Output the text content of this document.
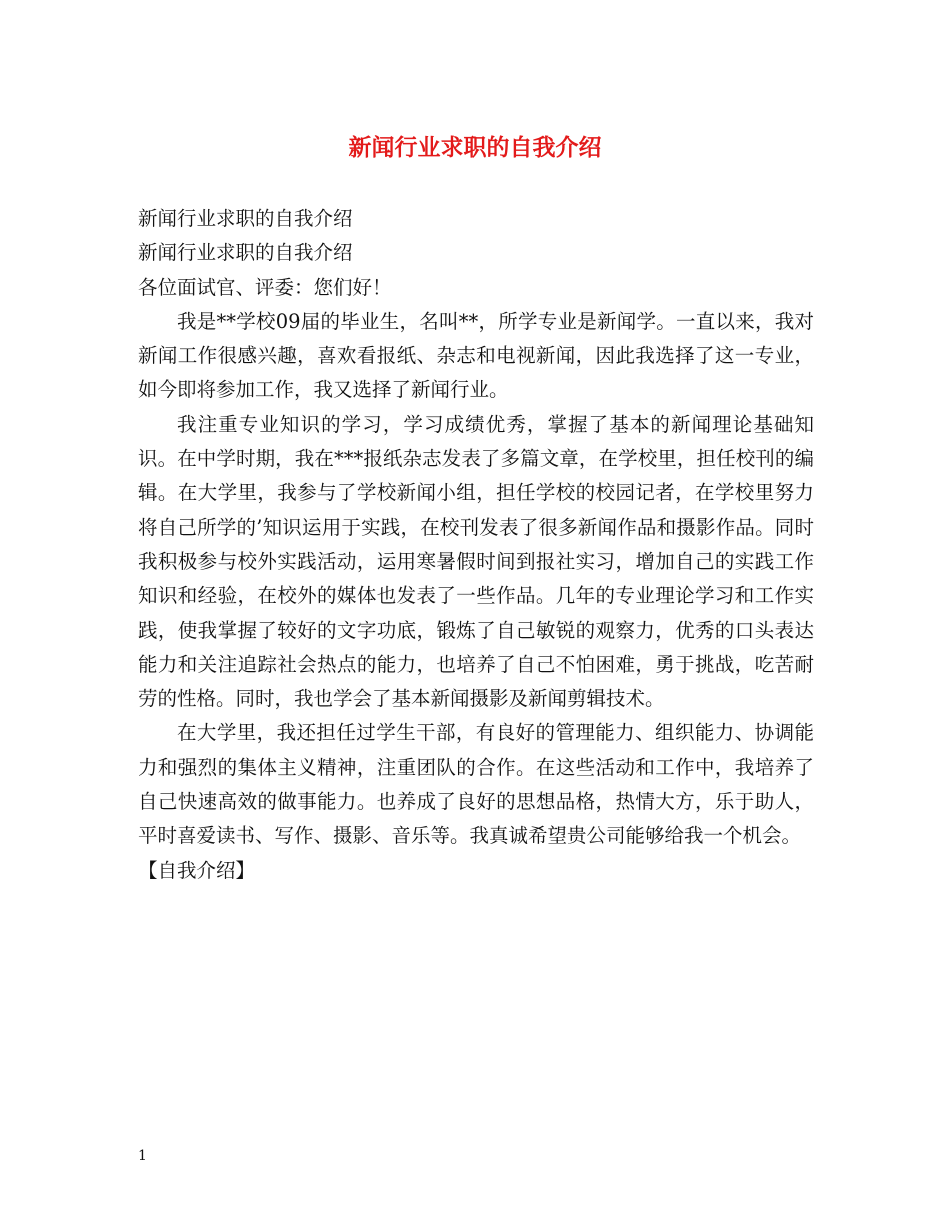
新闻行业求职的自我介绍

新闻行业求职的自我介绍

新闻行业求职的自我介绍

各位面试官、评委：您们好！

我是**学校09届的毕业生，名叫**，所学专业是新闻学。一直以来，我对新闻工作很感兴趣，喜欢看报纸、杂志和电视新闻，因此我选择了这一专业，如今即将参加工作，我又选择了新闻行业。

我注重专业知识的学习，学习成绩优秀，掌握了基本的新闻理论基础知识。在中学时期，我在***报纸杂志发表了多篇文章，在学校里，担任校刊的编辑。在大学里，我参与了学校新闻小组，担任学校的校园记者，在学校里努力将自己所学的’知识运用于实践，在校刊发表了很多新闻作品和摄影作品。同时我积极参与校外实践活动，运用寒暑假时间到报社实习，增加自己的实践工作知识和经验，在校外的媒体也发表了一些作品。几年的专业理论学习和工作实践，使我掌握了较好的文字功底，锻炼了自己敏锐的观察力，优秀的口头表达能力和关注追踪社会热点的能力，也培养了自己不怕困难，勇于挑战，吃苦耐劳的性格。同时，我也学会了基本新闻摄影及新闻剪辑技术。

在大学里，我还担任过学生干部，有良好的管理能力、组织能力、协调能力和强烈的集体主义精神，注重团队的合作。在这些活动和工作中，我培养了自己快速高效的做事能力。也养成了良好的思想品格，热情大方，乐于助人，平时喜爱读书、写作、摄影、音乐等。我真诚希望贵公司能够给我一个机会。

【自我介绍】

1
